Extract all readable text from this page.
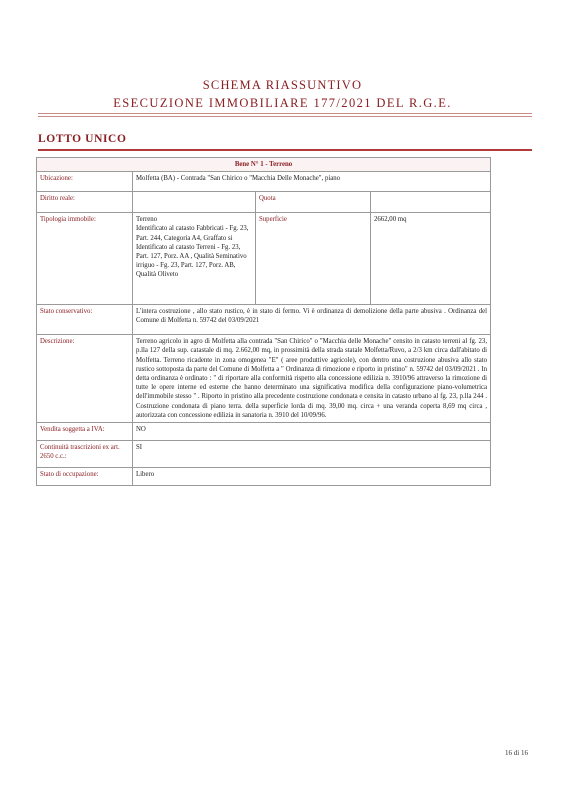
SCHEMA RIASSUNTIVO
ESECUZIONE IMMOBILIARE 177/2021 DEL R.G.E.
LOTTO UNICO
Bene N° 1 - Terreno			
Ubicazione:	Molfetta (BA) - Contrada "San Chirico o "Macchia Delle Monache", piano		
Diritto reale:		Quota	
Tipologia immobile:	Terreno
Identificato al catasto Fabbricati - Fg. 23, Part. 244, Categoria A4, Graffato si
Identificato al catasto Terreni - Fg. 23, Part. 127, Porz. AA , Qualità Seminativo irriguo - Fg. 23, Part. 127, Porz. AB, Qualità Oliveto	Superficie	2662,00 mq
Stato conservativo:	L'intera costruzione , allo stato rustico, è in stato di fermo. Vi è ordinanza di demolizione della parte abusiva . Ordinanza del Comune di Molfetta n. 59742 del 03/09/2021		
Descrizione:	Terreno agricolo in agro di Molfetta alla contrada "San Chirico" o "Macchia delle Monache" censito in catasto terreni al fg. 23, p.lla 127 della sup. catastale di mq. 2.662,00 mq, in prossimità della strada statale Molfetta/Ruvo, a 2/3 km circa dall'abitato di Molfetta. Terreno ricadente in zona omogenea "E" ( aree produttive agricole), con dentro una costruzione abusiva allo stato rustico sottoposta da parte del Comune di Molfetta a " Ordinanza di rimozione e riporto in pristino" n. 59742 del 03/09/2021 . In detta ordinanza è ordinato : " di riportare alla conformità rispetto alla concessione edilizia n. 3910/96 attraverso la rimozione di tutte le opere interne ed esterne che hanno determinato una significativa modifica della configurazione piano-volumetrica dell'immobile stesso " . Riporto in pristino alla precedente costruzione condonata e censita in catasto urbano al fg. 23, p.lla 244 . Costruzione condonata di piano terra. della superficie lorda di mq. 39,00 mq. circa + una veranda coperta 8,69 mq circa , autorizzata con concessione edilizia in sanatoria n. 3910 del 10/09/96.		
Vendita soggetta a IVA:	NO		
Continuità trascrizioni ex art. 2650 c.c.:	SI		
Stato di occupazione:	Libero		
16 di 16
